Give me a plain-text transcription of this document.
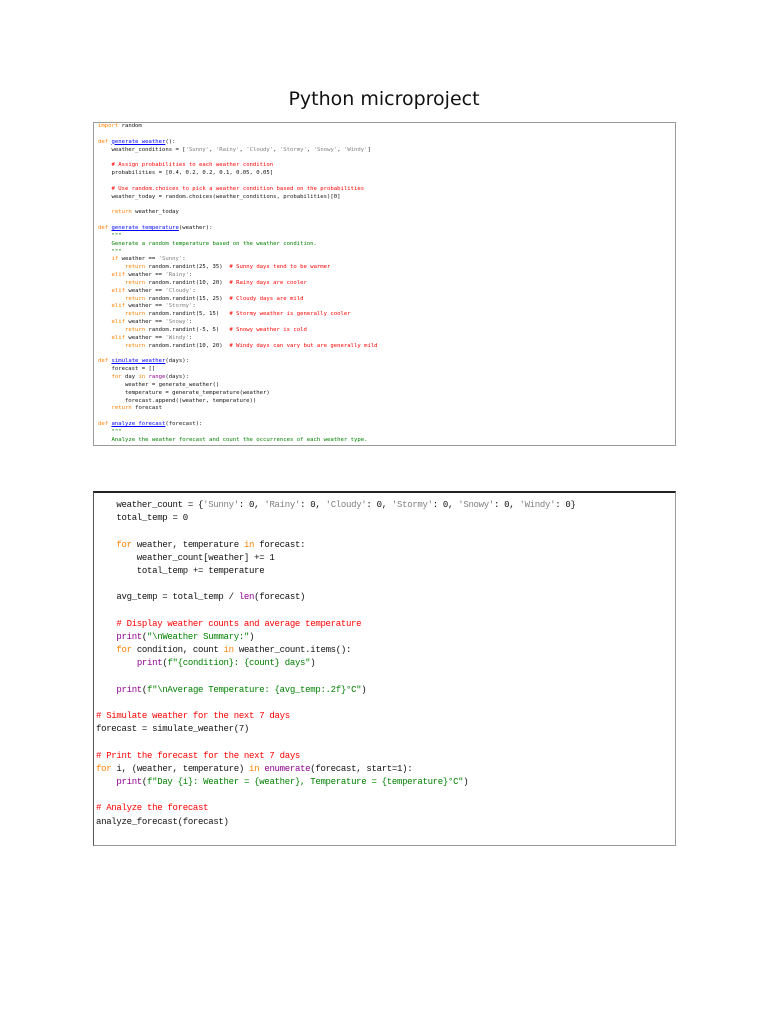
Python microproject
import random

def generate_weather():
weather_conditions = ['Sunny', 'Rainy', 'Cloudy', 'Stormy', 'Snowy', 'Windy']

# Assign probabilities to each weather condition
probabilities = [0.4, 0.2, 0.2, 0.1, 0.05, 0.05]

# Use random.choices to pick a weather condition based on the probabilities
weather_today = random.choices(weather_conditions, probabilities)[0]

return weather_today

def generate_temperature(weather):
"""
Generate a random temperature based on the weather condition.
"""
if weather == 'Sunny':
return random.randint(25, 35)  # Sunny days tend to be warmer
elif weather == 'Rainy':
return random.randint(10, 20)  # Rainy days are cooler
elif weather == 'Cloudy':
return random.randint(15, 25)  # Cloudy days are mild
elif weather == 'Stormy':
return random.randint(5, 15)   # Stormy weather is generally cooler
elif weather == 'Snowy':
return random.randint(-5, 5)   # Snowy weather is cold
elif weather == 'Windy':
return random.randint(10, 20)  # Windy days can vary but are generally mild

def simulate_weather(days):
forecast = []
for day in range(days):
weather = generate_weather()
temperature = generate_temperature(weather)
forecast.append((weather, temperature))
return forecast

def analyze_forecast(forecast):
"""
Analyze the weather forecast and count the occurrences of each weather type.
weather_count = {'Sunny': 0, 'Rainy': 0, 'Cloudy': 0, 'Stormy': 0, 'Snowy': 0, 'Windy': 0}
total_temp = 0

for weather, temperature in forecast:
weather_count[weather] += 1
total_temp += temperature

avg_temp = total_temp / len(forecast)

# Display weather counts and average temperature
print("\nWeather Summary:")
for condition, count in weather_count.items():
print(f"{condition}: {count} days")

print(f"\nAverage Temperature: {avg_temp:.2f}°C")

# Simulate weather for the next 7 days
forecast = simulate_weather(7)

# Print the forecast for the next 7 days
for i, (weather, temperature) in enumerate(forecast, start=1):
print(f"Day {i}: Weather = {weather}, Temperature = {temperature}°C")

# Analyze the forecast
analyze_forecast(forecast)
